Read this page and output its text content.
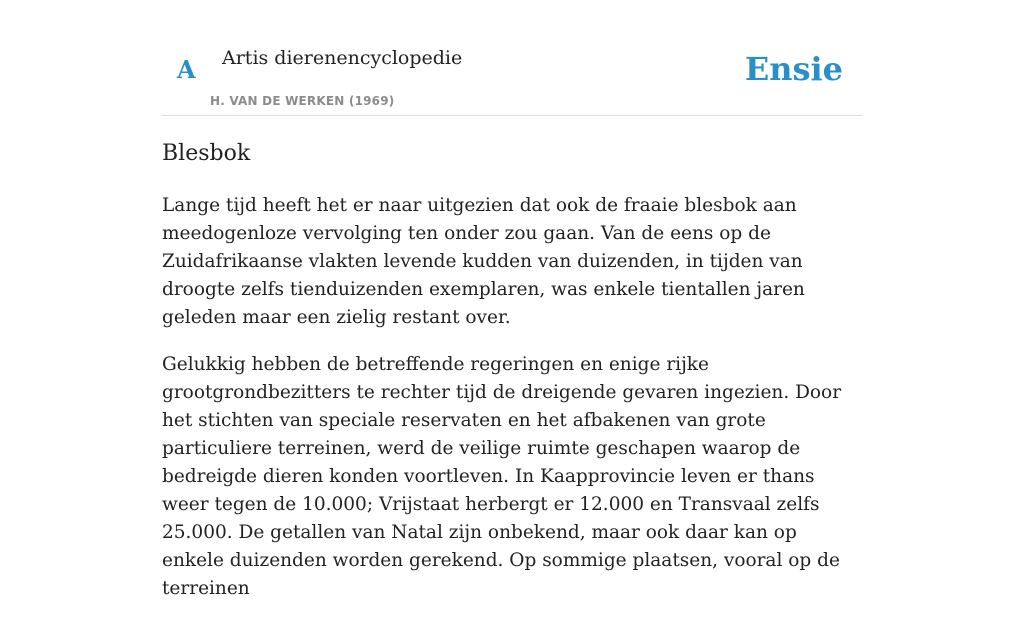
A Artis dierenencyclopedie
H. VAN DE WERKEN (1969)
Ensie
Blesbok

Lange tijd heeft het er naar uitgezien dat ook de fraaie blesbok aan meedogenloze vervolging ten onder zou gaan. Van de eens op de Zuidafrikaanse vlakten levende kudden van duizenden, in tijden van droogte zelfs tienduizenden exemplaren, was enkele tientallen jaren geleden maar een zielig restant over.

Gelukkig hebben de betreffende regeringen en enige rijke grootgrondbezitters te rechter tijd de dreigende gevaren ingezien. Door het stichten van speciale reservaten en het afbakenen van grote particuliere terreinen, werd de veilige ruimte geschapen waarop de bedreigde dieren konden voortleven. In Kaapprovincie leven er thans weer tegen de 10.000; Vrijstaat herbergt er 12.000 en Transvaal zelfs 25.000. De getallen van Natal zijn onbekend, maar ook daar kan op enkele duizenden worden gerekend. Op sommige plaatsen, vooral op de terreinen
